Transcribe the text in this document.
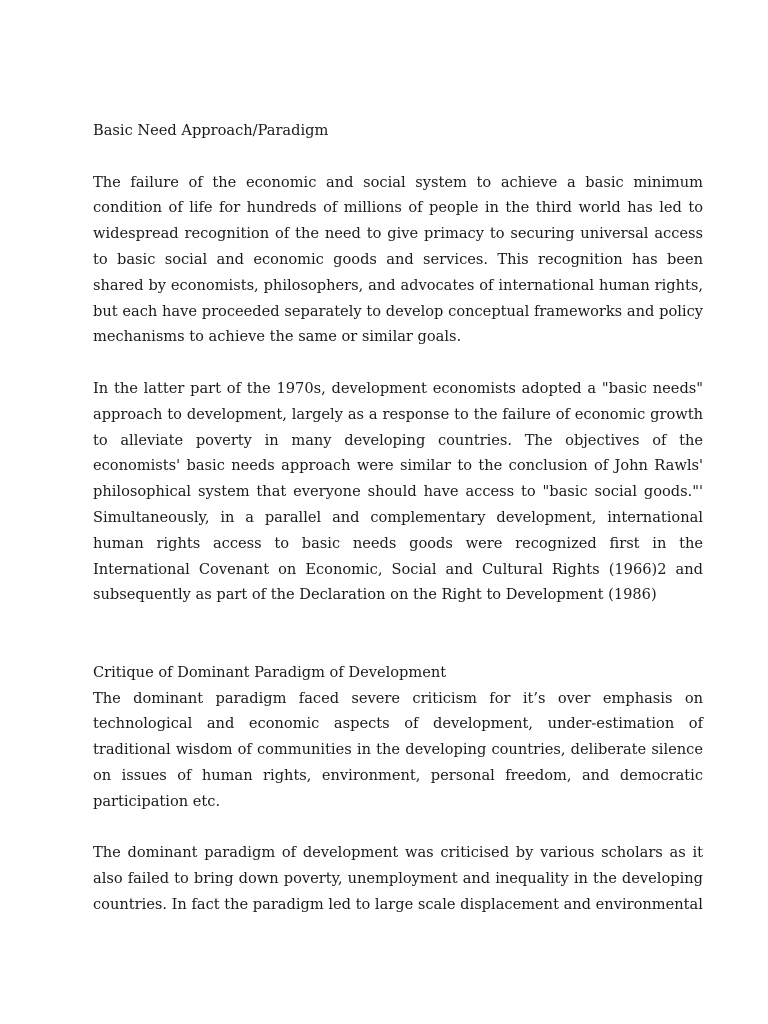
Basic Need Approach/Paradigm

The failure of the economic and social system to achieve a basic minimum condition of life for hundreds of millions of people in the third world has led to widespread recognition of the need to give primacy to securing universal access to basic social and economic goods and services. This recognition has been shared by economists, philosophers, and advocates of international human rights, but each have proceeded separately to develop conceptual frameworks and policy mechanisms to achieve the same or similar goals.

In the latter part of the 1970s, development economists adopted a "basic needs" approach to development, largely as a response to the failure of economic growth to alleviate poverty in many developing countries. The objectives of the economists' basic needs approach were similar to the conclusion of John Rawls' philosophical system that everyone should have access to "basic social goods."' Simultaneously, in a parallel and complementary development, international human rights access to basic needs goods were recognized first in the International Covenant on Economic, Social and Cultural Rights (1966)2 and subsequently as part of the Declaration on the Right to Development (1986)

Critique of Dominant Paradigm of Development

The dominant paradigm faced severe criticism for it’s over emphasis on technological and economic aspects of development, under-estimation of traditional wisdom of communities in the developing countries, deliberate silence on issues of human rights, environment, personal freedom, and democratic participation etc.

The dominant paradigm of development was criticised by various scholars as it also failed to bring down poverty, unemployment and inequality in the developing countries. In fact the paradigm led to large scale displacement and environmental
